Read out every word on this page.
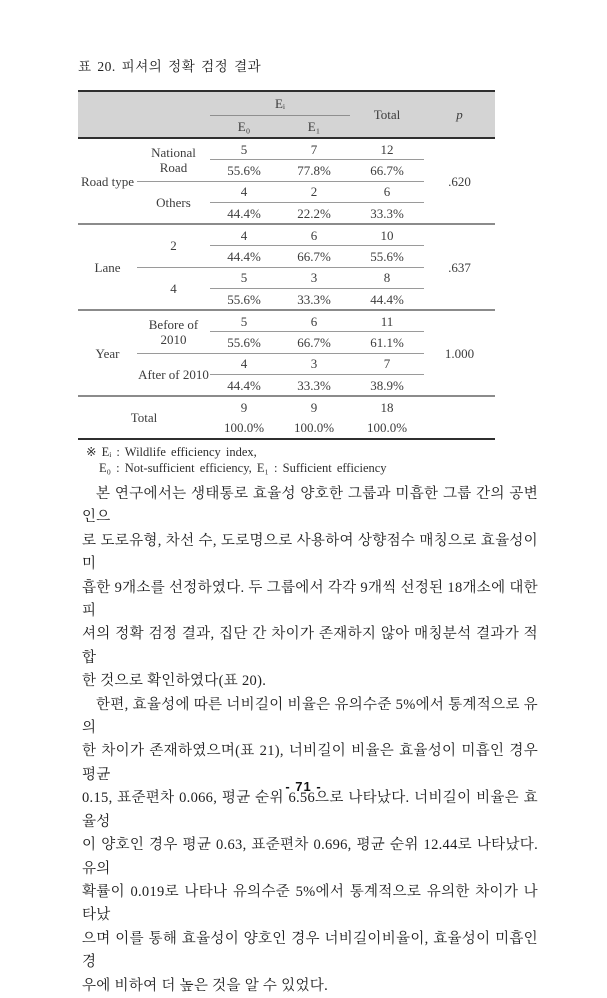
표 20. 피셔의 정확 검정 결과
		Eᵢ		Total	p
		E₀	E₁		
Road type	National Road	5	7	12	.620
		55.6%	77.8%	66.7%	
	Others	4	2	6	
		44.4%	22.2%	33.3%	
Lane	2	4	6	10	.637
		44.4%	66.7%	55.6%	
	4	5	3	8	
		55.6%	33.3%	44.4%	
Year	Before of 2010	5	6	11	1.000
		55.6%	66.7%	61.1%	
	After of 2010	4	3	7	
		44.4%	33.3%	38.9%	
Total		9	9	18	
		100.0%	100.0%	100.0%	
※ Eᵢ : Wildlife efficiency index,
E₀ : Not-sufficient efficiency, E₁ : Sufficient efficiency
본 연구에서는 생태통로 효율성 양호한 그룹과 미흡한 그룹 간의 공변인으
로 도로유형, 차선 수, 도로명으로 사용하여 상향점수 매칭으로 효율성이 미
흡한 9개소를 선정하였다. 두 그룹에서 각각 9개씩 선정된 18개소에 대한 피
셔의 정확 검정 결과, 집단 간 차이가 존재하지 않아 매칭분석 결과가 적합
한 것으로 확인하였다(표 20).
한편, 효율성에 따른 너비길이 비율은 유의수준 5%에서 통계적으로 유의
한 차이가 존재하였으며(표 21), 너비길이 비율은 효율성이 미흡인 경우 평균
0.15, 표준편차 0.066, 평균 순위 6.56으로 나타났다. 너비길이 비율은 효율성
이 양호인 경우 평균 0.63, 표준편차 0.696, 평균 순위 12.44로 나타났다. 유의
확률이 0.019로 나타나 유의수준 5%에서 통계적으로 유의한 차이가 나타났
으며 이를 통해 효율성이 양호인 경우 너비길이비율이, 효율성이 미흡인 경
우에 비하여 더 높은 것을 알 수 있었다.
- 71 -
